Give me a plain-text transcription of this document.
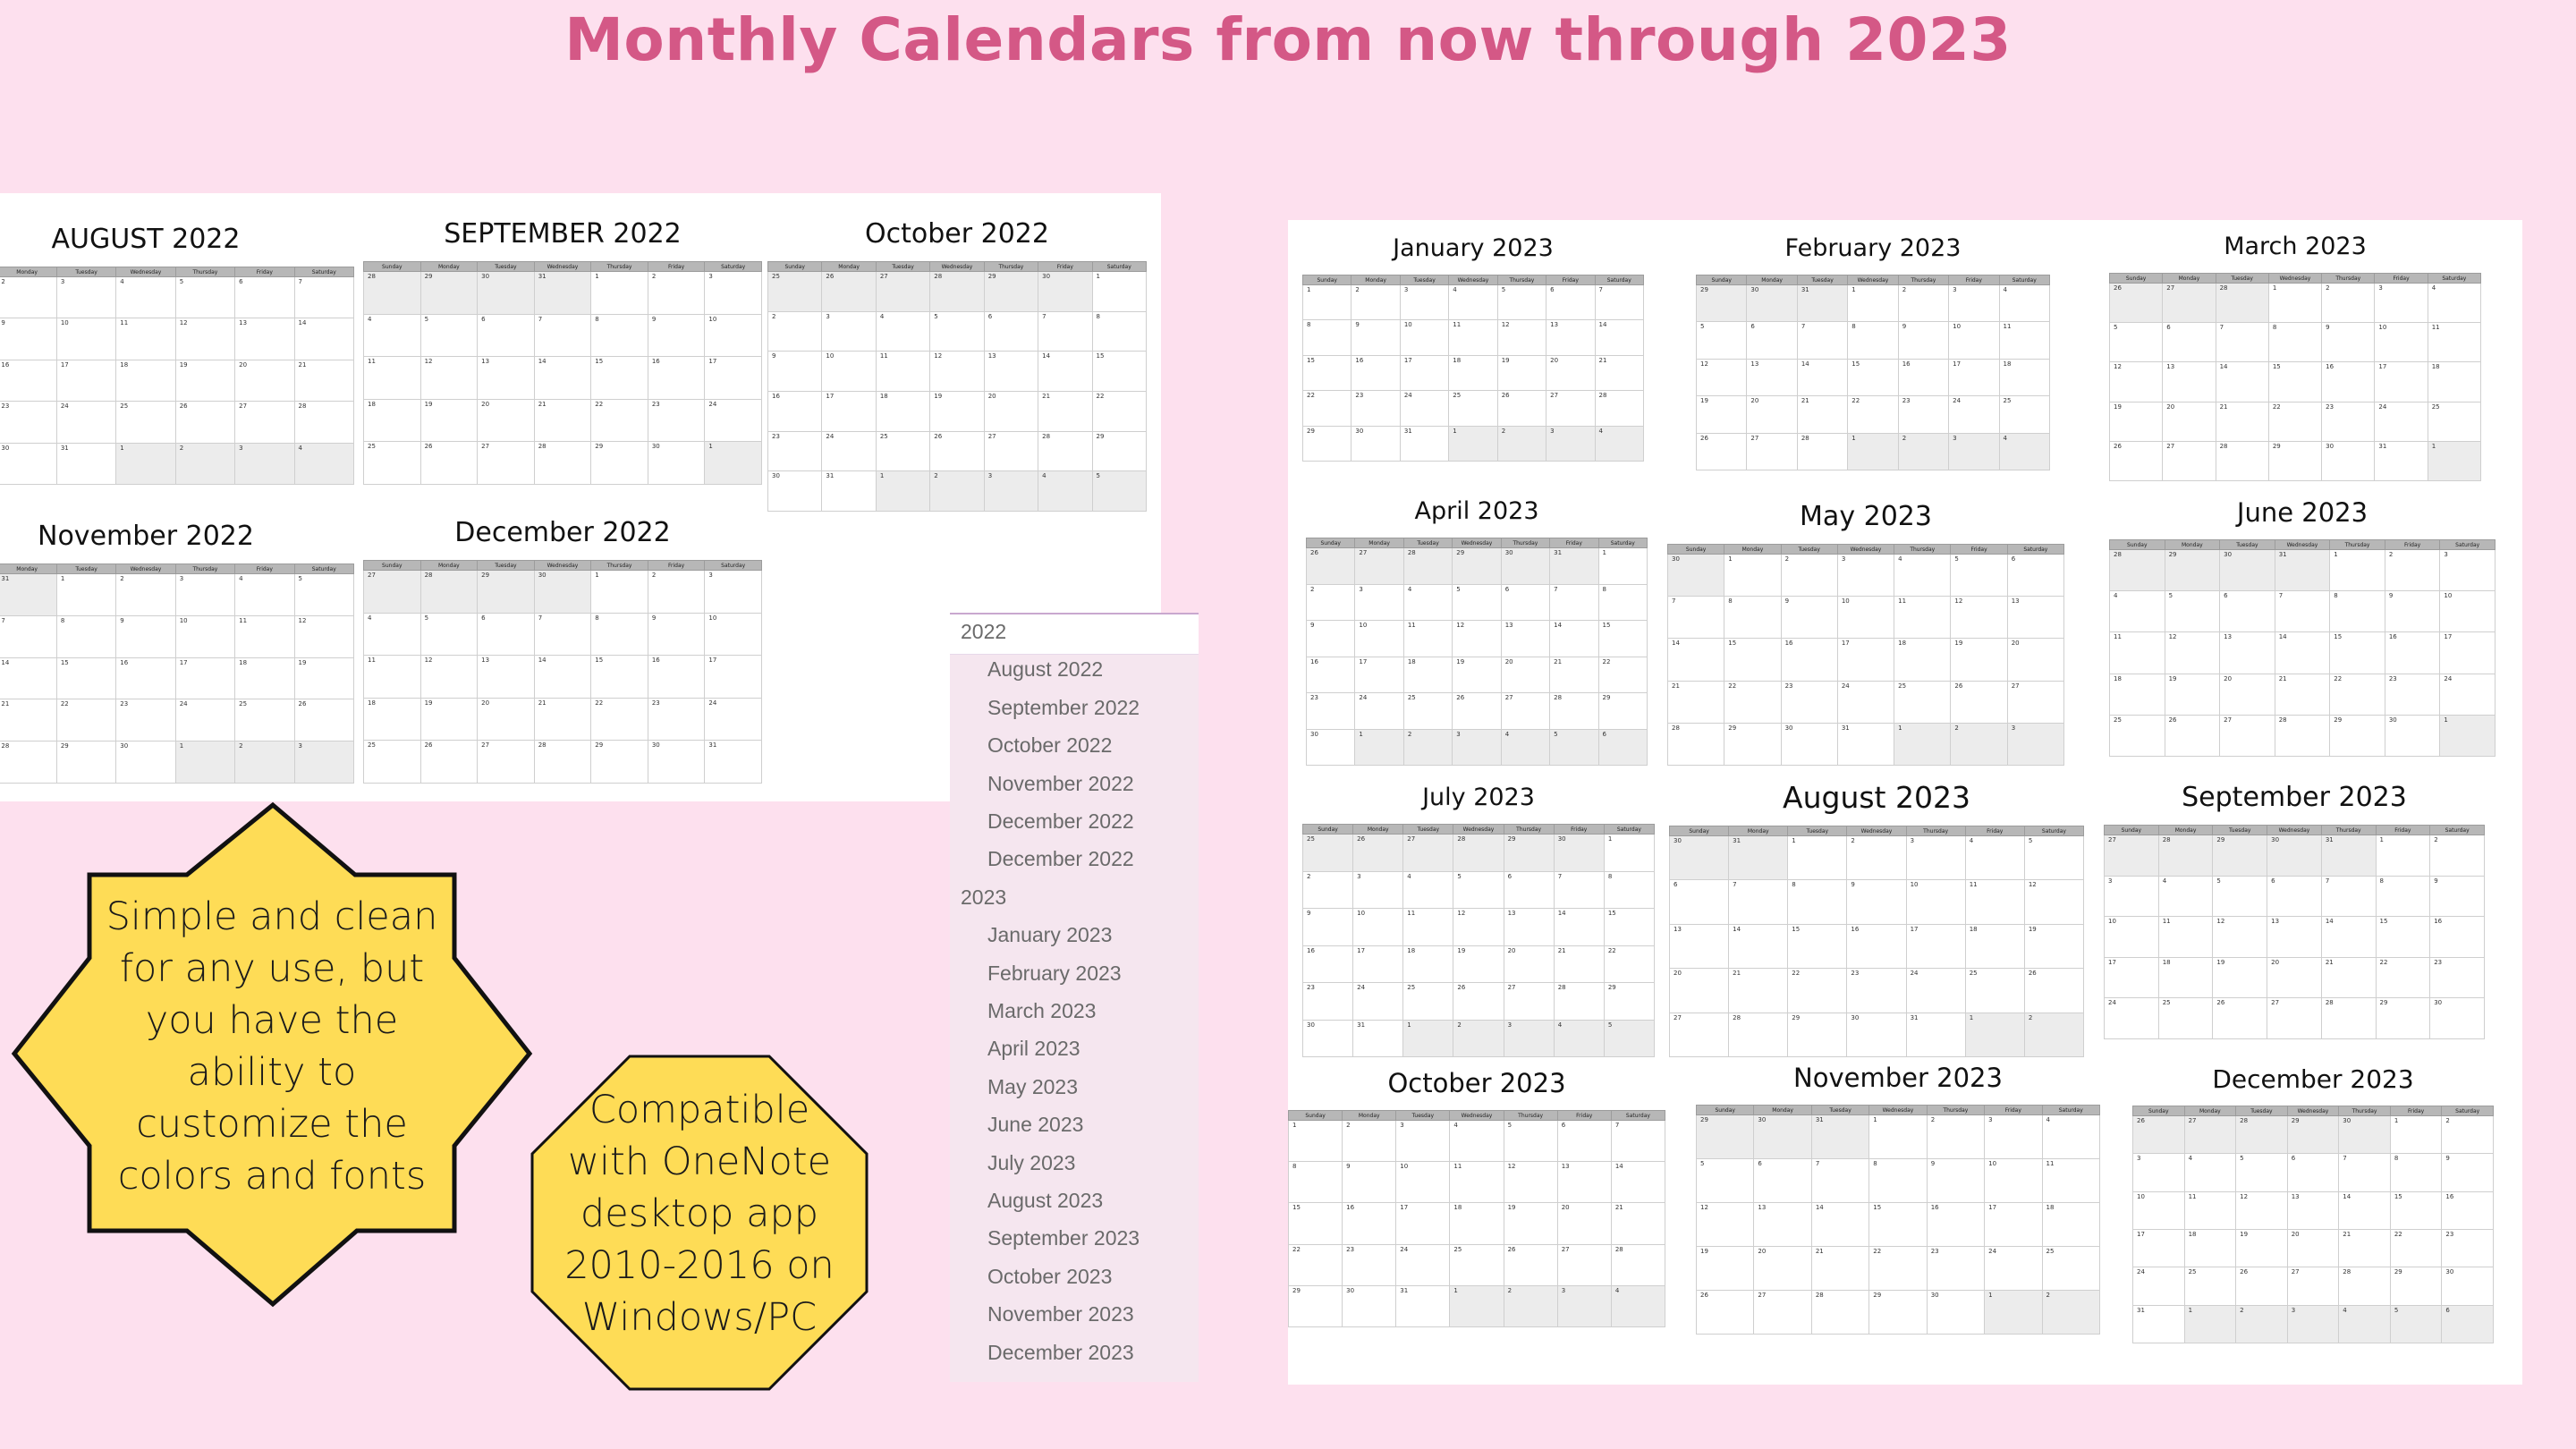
Monthly Calendars from now through 2023
2022
August 2022
September 2022
October 2022
November 2022
December 2022
December 2022
2023
January 2023
February 2023
March 2023
April 2023
May 2023
June 2023
July 2023
August 2023
September 2023
October 2023
November 2023
December 2023
Simple and clean
for any use, but
you have the
ability to
customize the
colors and fonts
Compatible
with OneNote
desktop app
2010-2016 on
Windows/PC
AUGUST 2022
	Monday	Tuesday	Wednesday	Thursday	Friday	Saturday
	2	3	4	5	6	7
	9	10	11	12	13	14
	16	17	18	19	20	21
	23	24	25	26	27	28
	30	31	1	2	3	4
SEPTEMBER 2022
Sunday	Monday	Tuesday	Wednesday	Thursday	Friday	Saturday
28	29	30	31	1	2	3
4	5	6	7	8	9	10
11	12	13	14	15	16	17
18	19	20	21	22	23	24
25	26	27	28	29	30	1
October 2022
Sunday	Monday	Tuesday	Wednesday	Thursday	Friday	Saturday
25	26	27	28	29	30	1
2	3	4	5	6	7	8
9	10	11	12	13	14	15
16	17	18	19	20	21	22
23	24	25	26	27	28	29
30	31	1	2	3	4	5
November 2022
	Monday	Tuesday	Wednesday	Thursday	Friday	Saturday
	31	1	2	3	4	5
	7	8	9	10	11	12
	14	15	16	17	18	19
	21	22	23	24	25	26
	28	29	30	1	2	3
December 2022
Sunday	Monday	Tuesday	Wednesday	Thursday	Friday	Saturday
27	28	29	30	1	2	3
4	5	6	7	8	9	10
11	12	13	14	15	16	17
18	19	20	21	22	23	24
25	26	27	28	29	30	31
January 2023
Sunday	Monday	Tuesday	Wednesday	Thursday	Friday	Saturday
1	2	3	4	5	6	7
8	9	10	11	12	13	14
15	16	17	18	19	20	21
22	23	24	25	26	27	28
29	30	31	1	2	3	4
February 2023
Sunday	Monday	Tuesday	Wednesday	Thursday	Friday	Saturday
29	30	31	1	2	3	4
5	6	7	8	9	10	11
12	13	14	15	16	17	18
19	20	21	22	23	24	25
26	27	28	1	2	3	4
March 2023
Sunday	Monday	Tuesday	Wednesday	Thursday	Friday	Saturday
26	27	28	1	2	3	4
5	6	7	8	9	10	11
12	13	14	15	16	17	18
19	20	21	22	23	24	25
26	27	28	29	30	31	1
April 2023
Sunday	Monday	Tuesday	Wednesday	Thursday	Friday	Saturday
26	27	28	29	30	31	1
2	3	4	5	6	7	8
9	10	11	12	13	14	15
16	17	18	19	20	21	22
23	24	25	26	27	28	29
30	1	2	3	4	5	6
May 2023
Sunday	Monday	Tuesday	Wednesday	Thursday	Friday	Saturday
30	1	2	3	4	5	6
7	8	9	10	11	12	13
14	15	16	17	18	19	20
21	22	23	24	25	26	27
28	29	30	31	1	2	3
June 2023
Sunday	Monday	Tuesday	Wednesday	Thursday	Friday	Saturday
28	29	30	31	1	2	3
4	5	6	7	8	9	10
11	12	13	14	15	16	17
18	19	20	21	22	23	24
25	26	27	28	29	30	1
July 2023
Sunday	Monday	Tuesday	Wednesday	Thursday	Friday	Saturday
25	26	27	28	29	30	1
2	3	4	5	6	7	8
9	10	11	12	13	14	15
16	17	18	19	20	21	22
23	24	25	26	27	28	29
30	31	1	2	3	4	5
August 2023
Sunday	Monday	Tuesday	Wednesday	Thursday	Friday	Saturday
30	31	1	2	3	4	5
6	7	8	9	10	11	12
13	14	15	16	17	18	19
20	21	22	23	24	25	26
27	28	29	30	31	1	2
September 2023
Sunday	Monday	Tuesday	Wednesday	Thursday	Friday	Saturday
27	28	29	30	31	1	2
3	4	5	6	7	8	9
10	11	12	13	14	15	16
17	18	19	20	21	22	23
24	25	26	27	28	29	30
October 2023
Sunday	Monday	Tuesday	Wednesday	Thursday	Friday	Saturday
1	2	3	4	5	6	7
8	9	10	11	12	13	14
15	16	17	18	19	20	21
22	23	24	25	26	27	28
29	30	31	1	2	3	4
November 2023
Sunday	Monday	Tuesday	Wednesday	Thursday	Friday	Saturday
29	30	31	1	2	3	4
5	6	7	8	9	10	11
12	13	14	15	16	17	18
19	20	21	22	23	24	25
26	27	28	29	30	1	2
December 2023
Sunday	Monday	Tuesday	Wednesday	Thursday	Friday	Saturday
26	27	28	29	30	1	2
3	4	5	6	7	8	9
10	11	12	13	14	15	16
17	18	19	20	21	22	23
24	25	26	27	28	29	30
31	1	2	3	4	5	6
